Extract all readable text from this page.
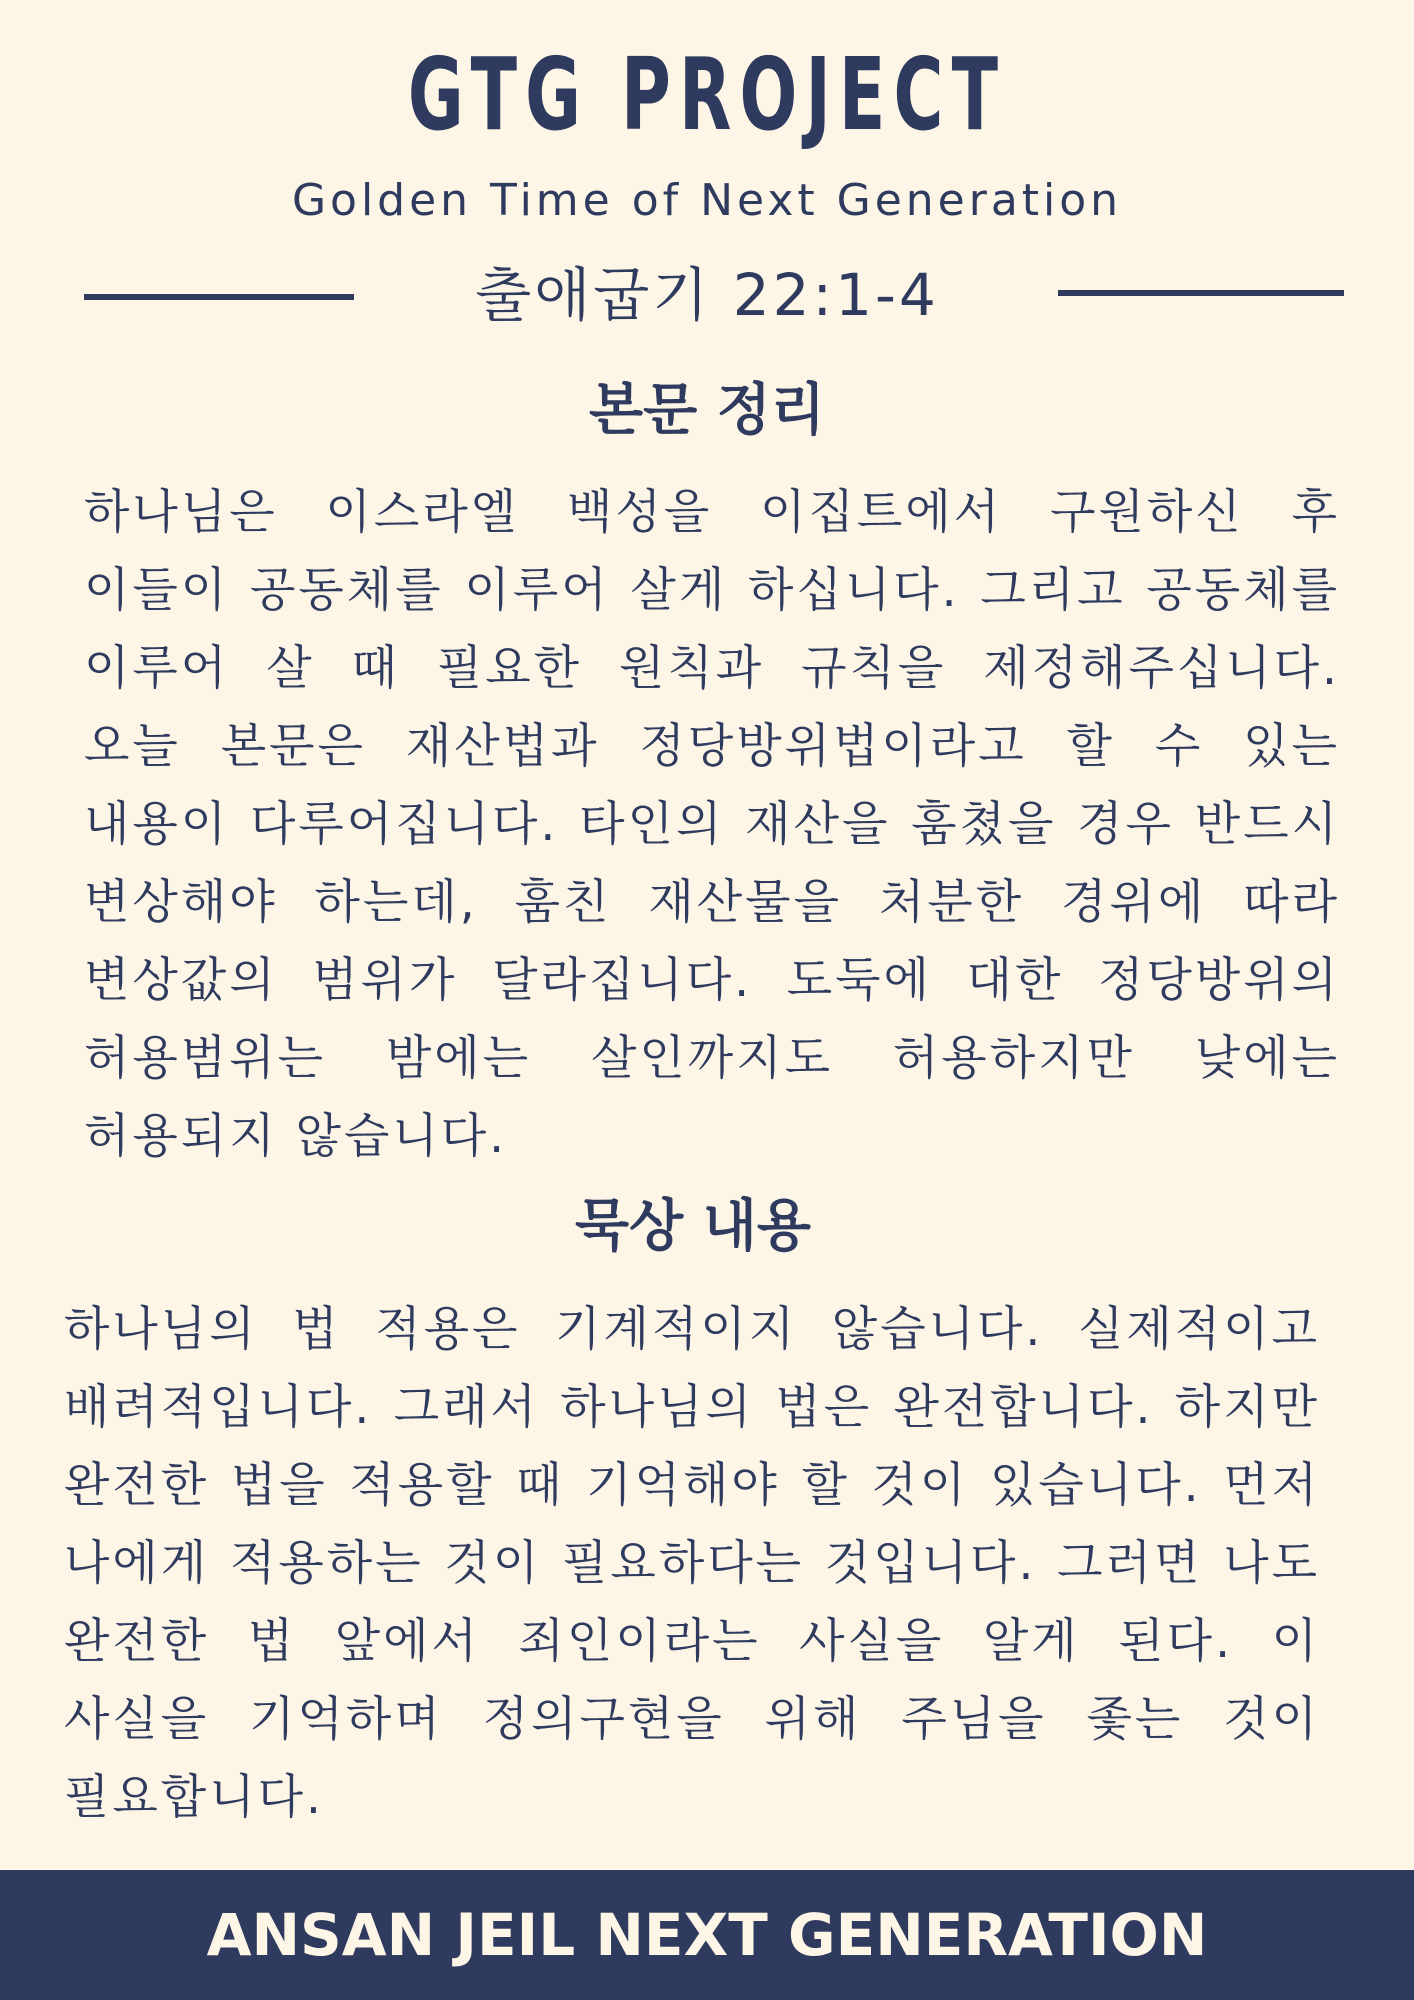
GTG PROJECT
Golden Time of Next Generation
출애굽기 22:1-4
본문 정리
하나님은 이스라엘 백성을 이집트에서 구원하신 후 이들이 공동체를 이루어 살게 하십니다. 그리고 공동체를 이루어 살 때 필요한 원칙과 규칙을 제정해주십니다. 오늘 본문은 재산법과 정당방위법이라고 할 수 있는 내용이 다루어집니다. 타인의 재산을 훔쳤을 경우 반드시 변상해야 하는데, 훔친 재산물을 처분한 경위에 따라 변상값의 범위가 달라집니다. 도둑에 대한 정당방위의 허용범위는 밤에는 살인까지도 허용하지만 낮에는 허용되지 않습니다.
묵상 내용
하나님의 법 적용은 기계적이지 않습니다. 실제적이고 배려적입니다. 그래서 하나님의 법은 완전합니다. 하지만 완전한 법을 적용할 때 기억해야 할 것이 있습니다. 먼저 나에게 적용하는 것이 필요하다는 것입니다. 그러면 나도 완전한 법 앞에서 죄인이라는 사실을 알게 된다. 이 사실을 기억하며 정의구현을 위해 주님을 좇는 것이 필요합니다.
ANSAN JEIL NEXT GENERATION
